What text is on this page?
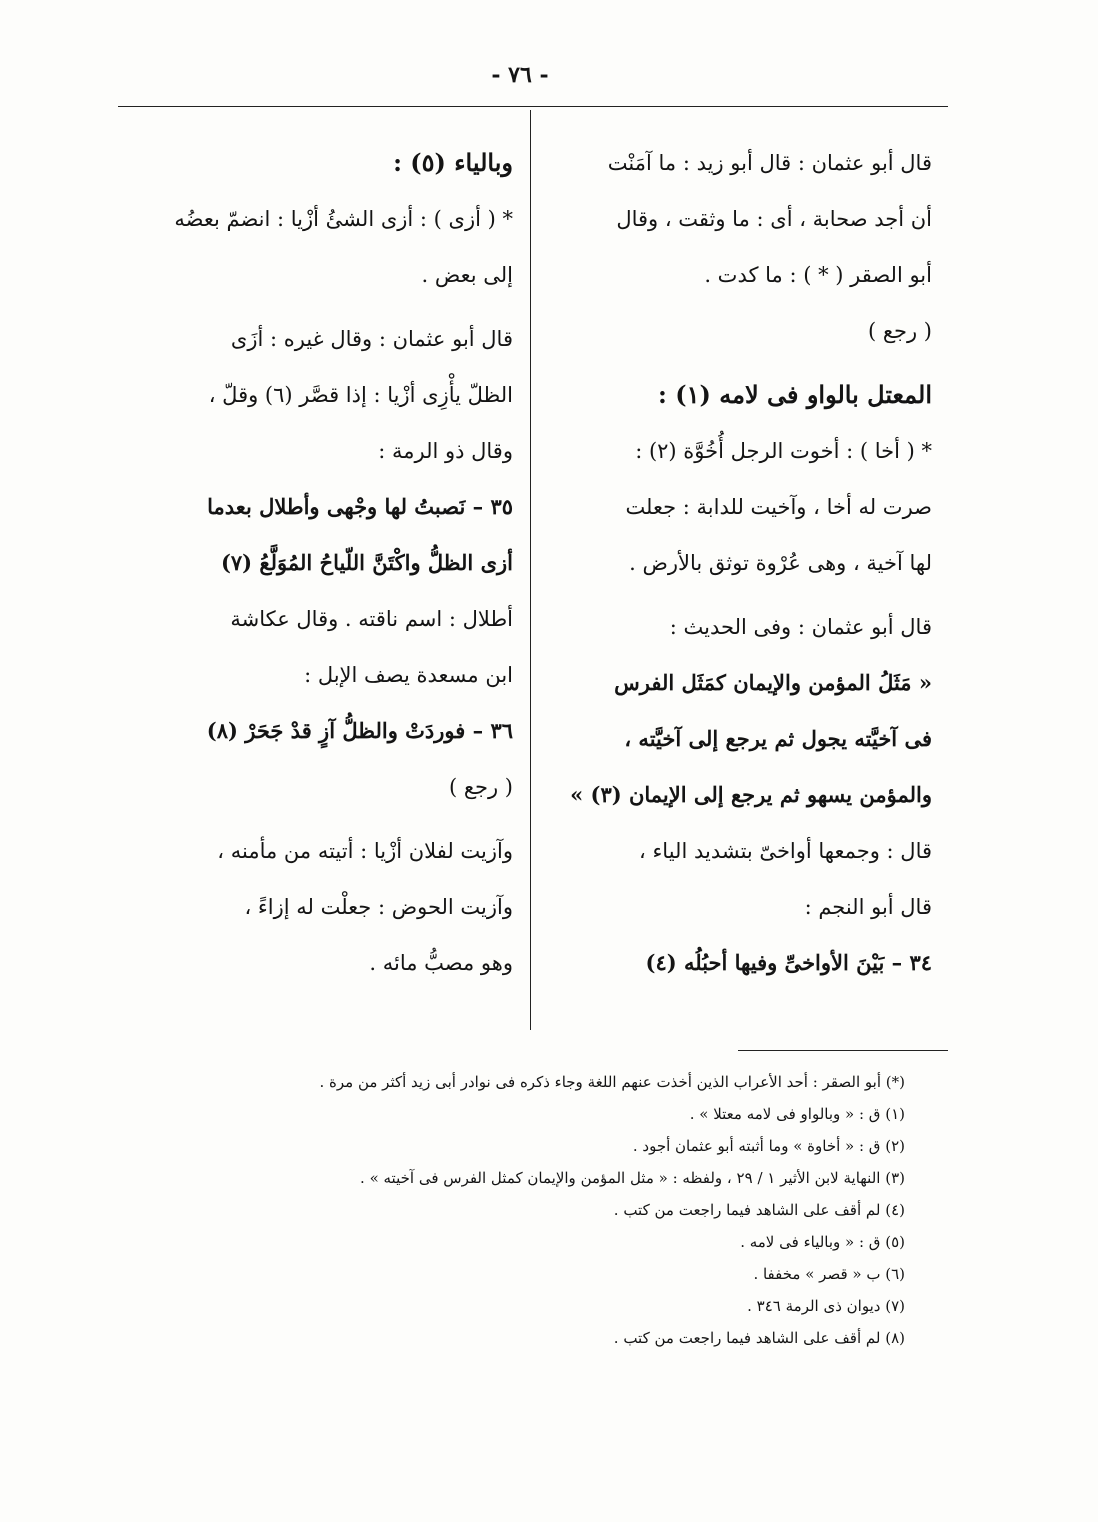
- ٧٦ -
قال أبو عثمان : قال أبو زيد : ما آمَنْت
أن أجد صحابة ، أى : ما وثقت ، وقال
أبو الصقر ( * ) : ما كدت .
( رجع )
المعتل بالواو فى لامه (١) :
* ( أخا ) : أخوت الرجل أُخُوَّة (٢) :
صرت له أخا ، وآخيت للدابة : جعلت
لها آخية ، وهى عُرْوة توثق بالأرض .
قال أبو عثمان : وفى الحديث :
« مَثَلُ المؤمن والإيمان كمَثَل الفرس
فى آخيَّته يجول ثم يرجع إلى آخيَّته ،
والمؤمن يسهو ثم يرجع إلى الإيمان (٣) »
قال : وجمعها أواخىّ بتشديد الياء ،
قال أبو النجم :
٣٤ – بَيْنَ الأواخىِّ وفيها أحبُلُه (٤)
وبالياء (٥) :
* ( أزى ) : أزى الشئُ أزْيا : انضمّ بعضُه
إلى بعض .
قال أبو عثمان : وقال غيره : أزَى
الظلّ يأْزِى أزْيا : إذا قصَّر (٦) وقلّ ،
وقال ذو الرمة :
٣٥ – نَصبتُ لها وجْهى وأطلال بعدما
أزى الظلُّ واكْتَنَّ اللّياحُ المُوَلَّعُ (٧)
أطلال : اسم ناقته . وقال عكاشة
ابن مسعدة يصف الإبل :
٣٦ – فوردَتْ والظلُّ آزٍ قدْ جَحَرْ (٨)
( رجع )
وآزيت لفلان أزْيا : أتيته من مأمنه ،
وآزيت الحوض : جعلْت له إزاءً ،
وهو مصبُّ مائه .
(*) أبو الصقر : أحد الأعراب الذين أخذت عنهم اللغة وجاء ذكره فى نوادر أبى زيد أكثر من مرة .
(١) ق : « وبالواو فى لامه معتلا » .
(٢) ق : « أخاوة » وما أثبته أبو عثمان أجود .
(٣) النهاية لابن الأثير ١ / ٢٩ ، ولفظه : « مثل المؤمن والإيمان كمثل الفرس فى آخيته » .
(٤) لم أقف على الشاهد فيما راجعت من كتب .
(٥) ق : « وبالياء فى لامه .
(٦) ب « قصر » مخففا .
(٧) ديوان ذى الرمة ٣٤٦ .
(٨) لم أقف على الشاهد فيما راجعت من كتب .
